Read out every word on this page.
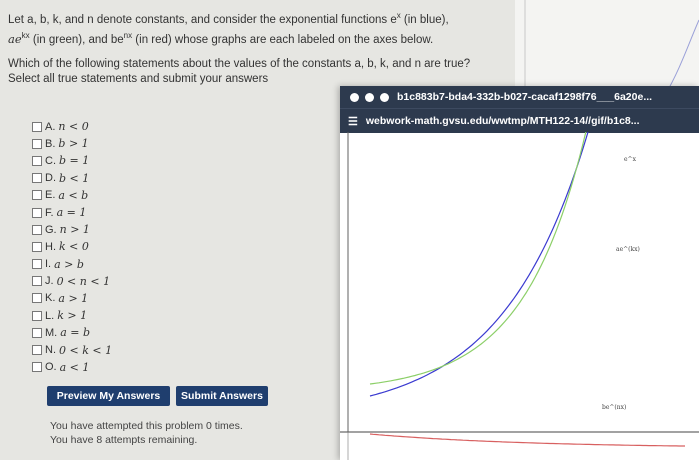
Let a, b, k, and n denote constants, and consider the exponential functions $e^x$ (in blue),
$ae^{kx}$ (in green), and $be^{nx}$ (in red) whose graphs are each labeled on the axes below.

Which of the following statements about the values of the constants a, b, k, and n are true? Select all true statements and submit your answers

A. n < 0
B. b > 1
C. b = 1
D. b < 1
E. a < b
F. a = 1
G. n > 1
H. k < 0
I. a > b
J. 0 < n < 1
K. a > 1
L. k > 1
M. a = b
N. 0 < k < 1
O. a < 1
Preview My Answers	Submit Answers
You have attempted this problem 0 times.
You have 8 attempts remaining.
b1c883b7-bda4-332b-b027-cacaf1298f76___6a20e...
☰ webwork-math.gvsu.edu/wwtmp/MTH122-14//gif/b1c8...
e^x
ae^(kx)
be^(nx)
